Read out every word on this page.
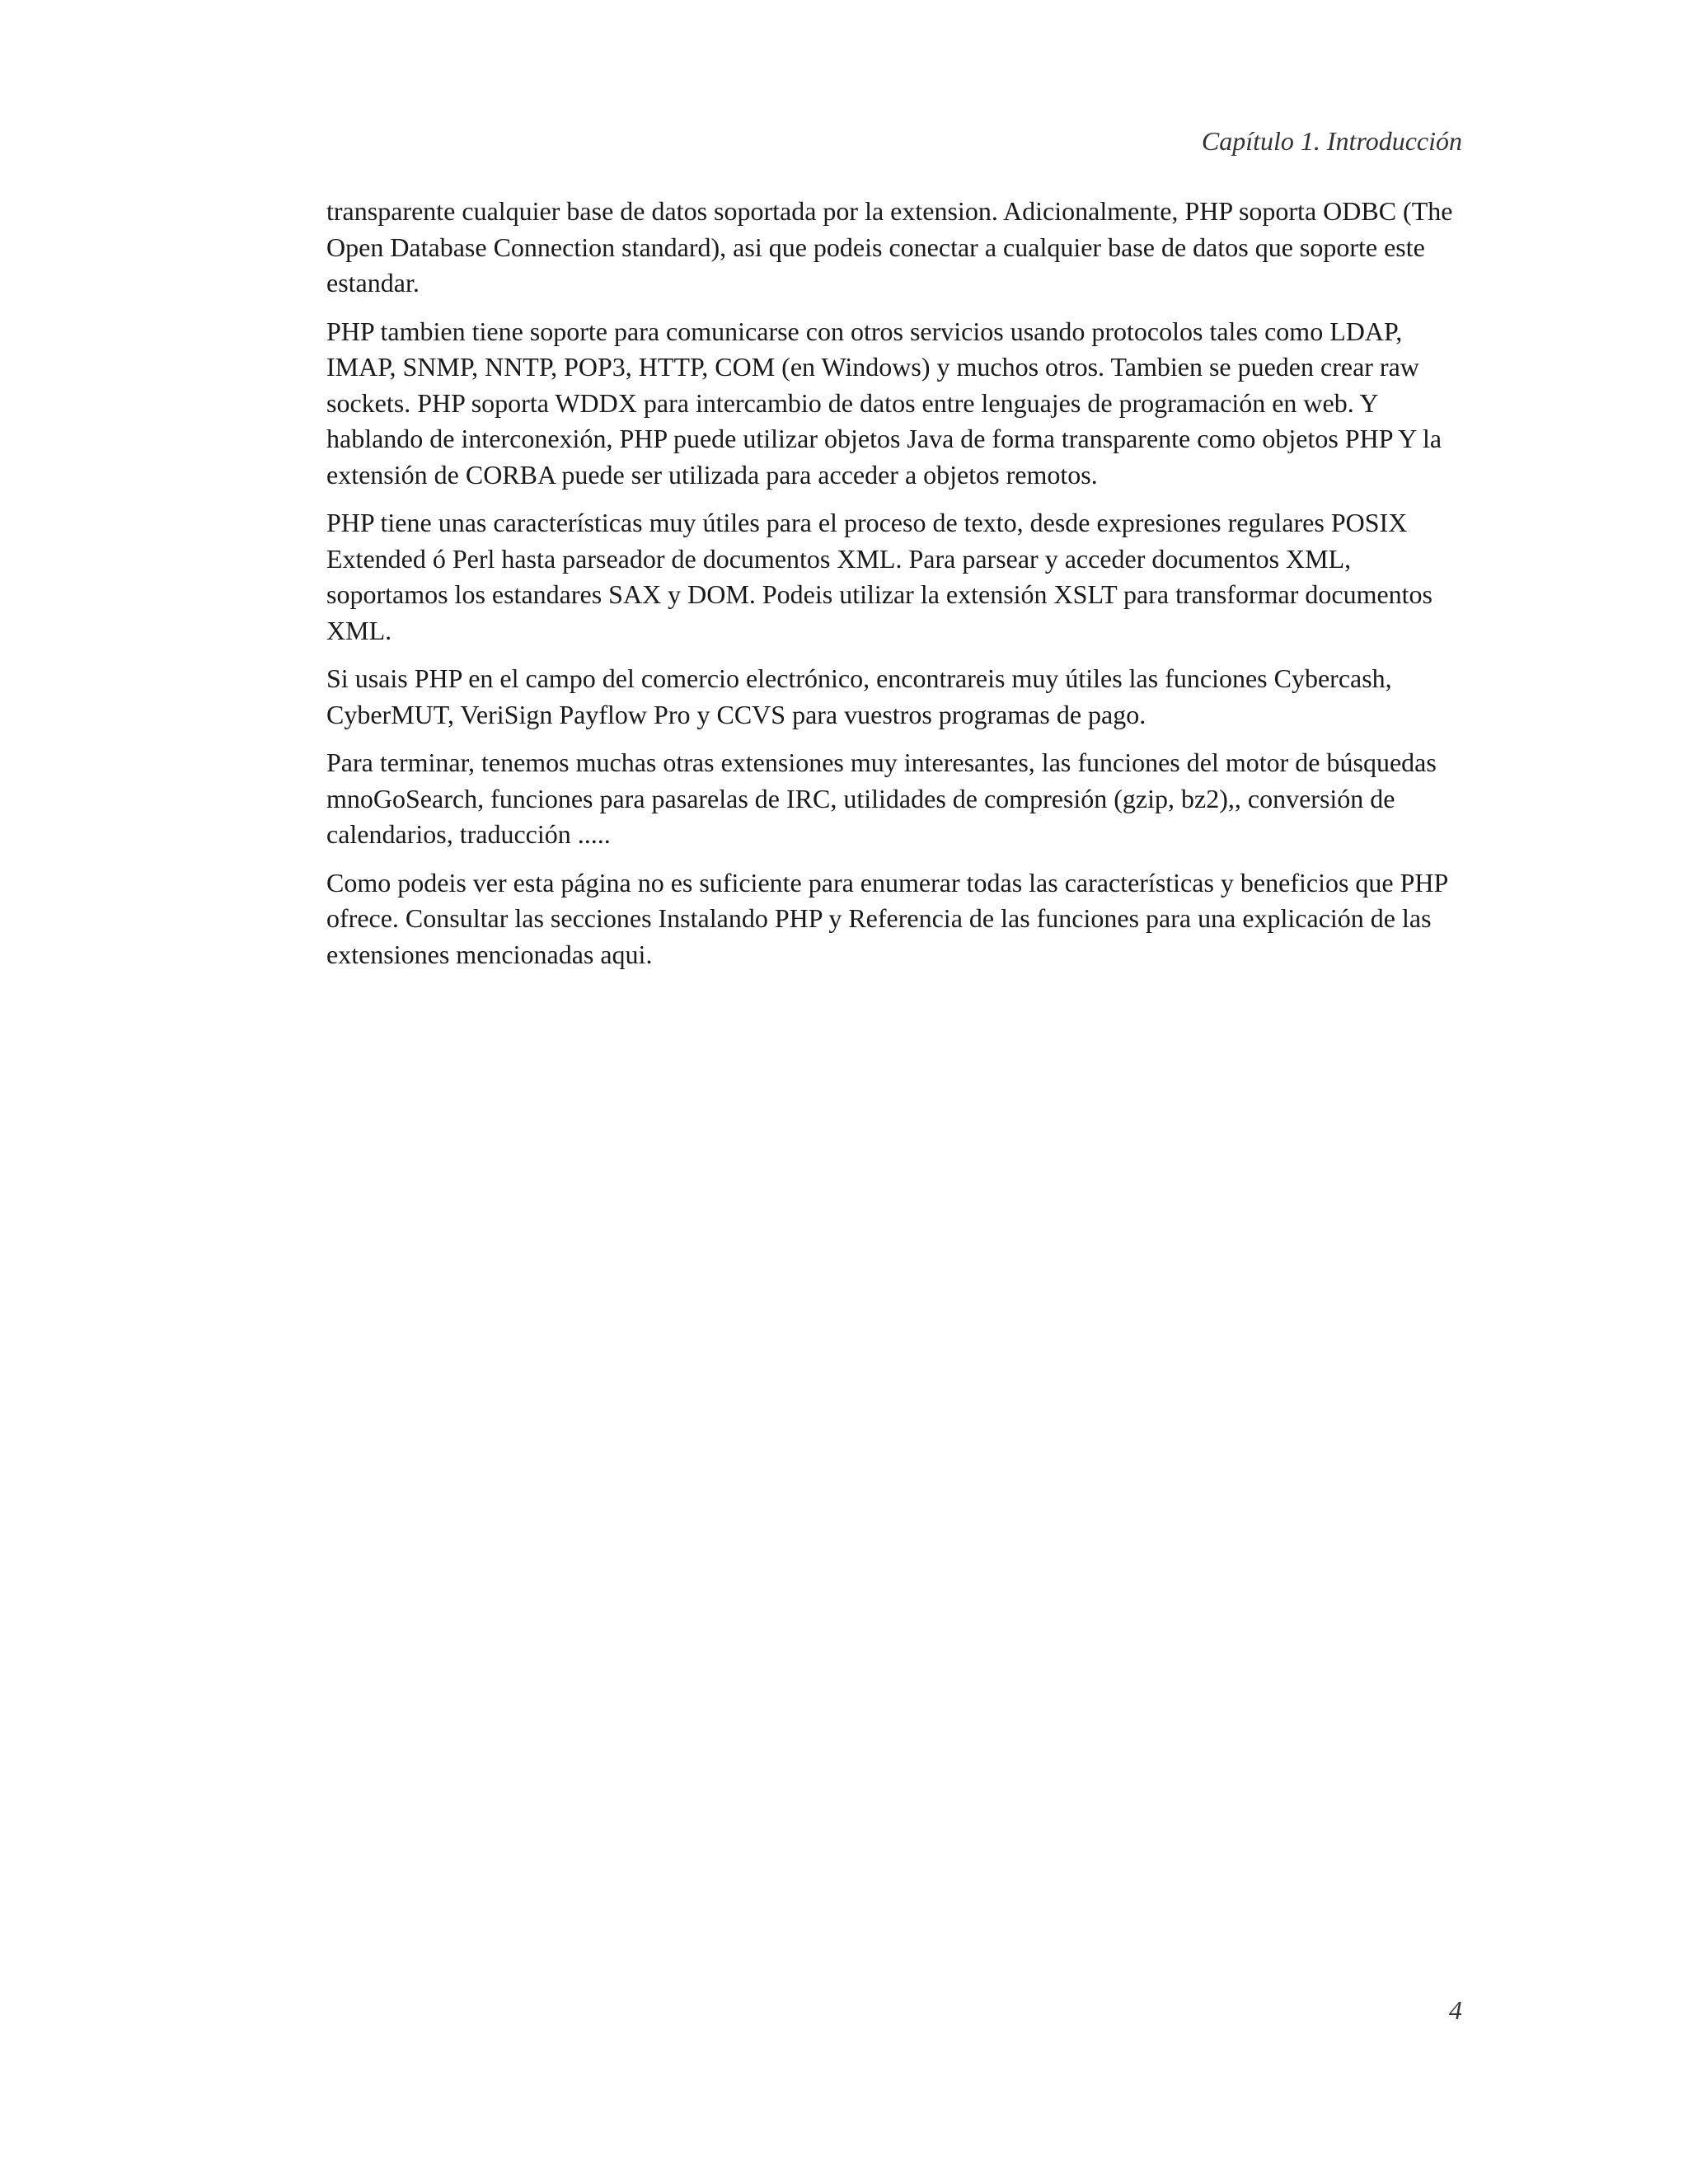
Capítulo 1. Introducción

transparente cualquier base de datos soportada por la extension. Adicionalmente, PHP soporta ODBC (The Open Database Connection standard), asi que podeis conectar a cualquier base de datos que soporte este estandar.

PHP tambien tiene soporte para comunicarse con otros servicios usando protocolos tales como LDAP, IMAP, SNMP, NNTP, POP3, HTTP, COM (en Windows) y muchos otros. Tambien se pueden crear raw sockets. PHP soporta WDDX para intercambio de datos entre lenguajes de programación en web. Y hablando de interconexión, PHP puede utilizar objetos Java de forma transparente como objetos PHP Y la extensión de CORBA puede ser utilizada para acceder a objetos remotos.

PHP tiene unas características muy útiles para el proceso de texto, desde expresiones regulares POSIX Extended ó Perl hasta parseador de documentos XML. Para parsear y acceder documentos XML, soportamos los estandares SAX y DOM. Podeis utilizar la extensión XSLT para transformar documentos XML.

Si usais PHP en el campo del comercio electrónico, encontrareis muy útiles las funciones Cybercash, CyberMUT, VeriSign Payflow Pro y CCVS para vuestros programas de pago.

Para terminar, tenemos muchas otras extensiones muy interesantes, las funciones del motor de búsquedas mnoGoSearch, funciones para pasarelas de IRC, utilidades de compresión (gzip, bz2),, conversión de calendarios, traducción .....

Como podeis ver esta página no es suficiente para enumerar todas las características y beneficios que PHP ofrece. Consultar las secciones Instalando PHP y Referencia de las funciones para una explicación de las extensiones mencionadas aqui.

4
